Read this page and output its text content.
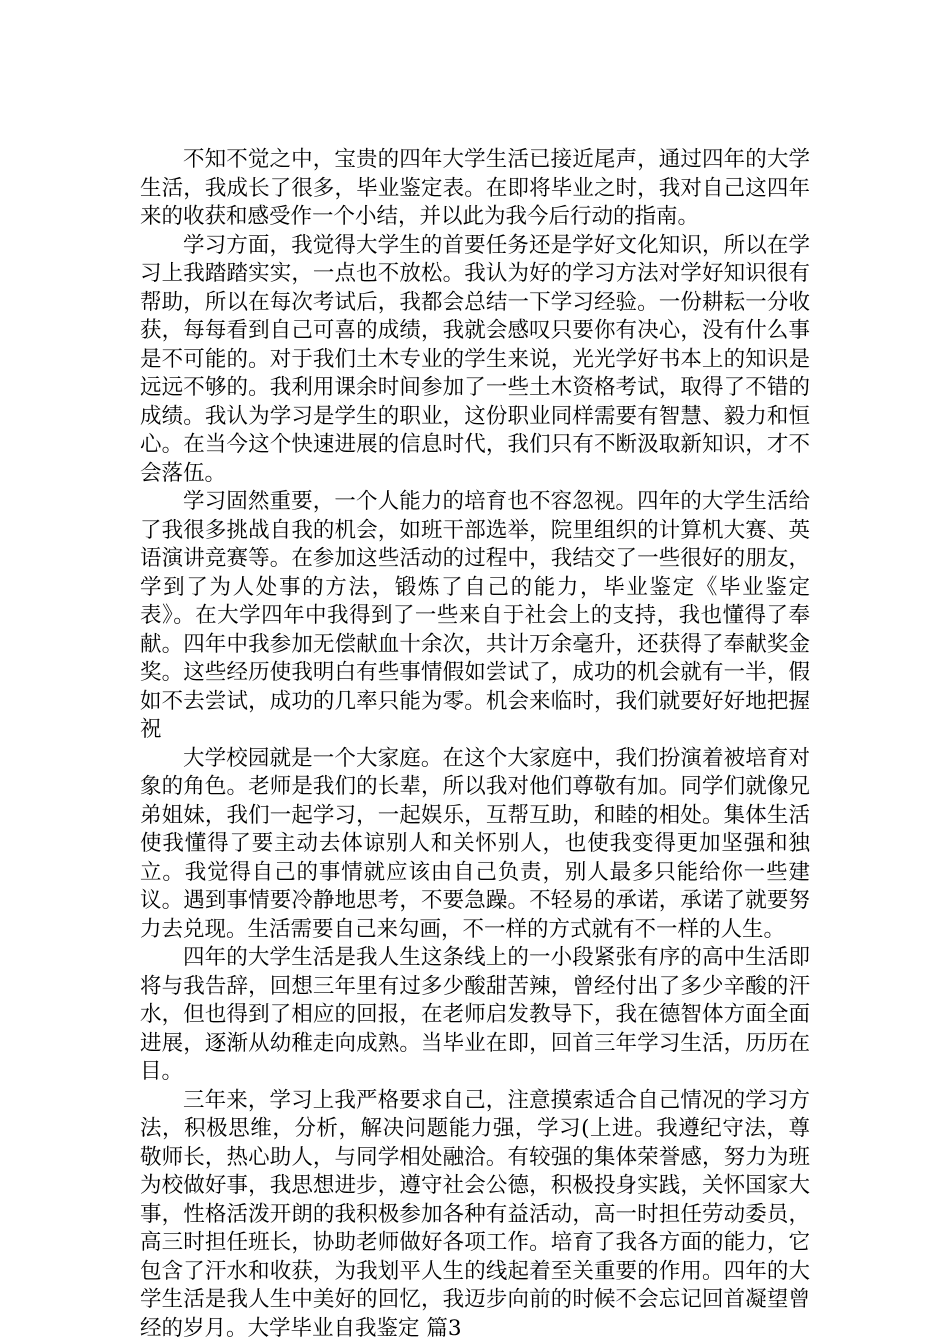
不知不觉之中，宝贵的四年大学生活已接近尾声，通过四年的大学生活，我成长了很多，毕业鉴定表。在即将毕业之时，我对自己这四年来的收获和感受作一个小结，并以此为我今后行动的指南。

学习方面，我觉得大学生的首要任务还是学好文化知识，所以在学习上我踏踏实实，一点也不放松。我认为好的学习方法对学好知识很有帮助，所以在每次考试后，我都会总结一下学习经验。一份耕耘一分收获，每每看到自己可喜的成绩，我就会感叹只要你有决心，没有什么事是不可能的。对于我们土木专业的学生来说，光光学好书本上的知识是远远不够的。我利用课余时间参加了一些土木资格考试，取得了不错的成绩。我认为学习是学生的职业，这份职业同样需要有智慧、毅力和恒心。在当今这个快速进展的信息时代，我们只有不断汲取新知识，才不会落伍。

学习固然重要，一个人能力的培育也不容忽视。四年的大学生活给了我很多挑战自我的机会，如班干部选举，院里组织的计算机大赛、英语演讲竞赛等。在参加这些活动的过程中，我结交了一些很好的朋友，学到了为人处事的方法，锻炼了自己的能力，毕业鉴定《毕业鉴定表》。在大学四年中我得到了一些来自于社会上的支持，我也懂得了奉献。四年中我参加无偿献血十余次，共计万余毫升，还获得了奉献奖金奖。这些经历使我明白有些事情假如尝试了，成功的机会就有一半，假如不去尝试，成功的几率只能为零。机会来临时，我们就要好好地把握祝

大学校园就是一个大家庭。在这个大家庭中，我们扮演着被培育对象的角色。老师是我们的长辈，所以我对他们尊敬有加。同学们就像兄弟姐妹，我们一起学习，一起娱乐，互帮互助，和睦的相处。集体生活使我懂得了要主动去体谅别人和关怀别人，也使我变得更加坚强和独立。我觉得自己的事情就应该由自己负责，别人最多只能给你一些建议。遇到事情要冷静地思考，不要急躁。不轻易的承诺，承诺了就要努力去兑现。生活需要自己来勾画，不一样的方式就有不一样的人生。

四年的大学生活是我人生这条线上的一小段紧张有序的高中生活即将与我告辞，回想三年里有过多少酸甜苦辣，曾经付出了多少辛酸的汗水，但也得到了相应的回报，在老师启发教导下，我在德智体方面全面进展，逐渐从幼稚走向成熟。当毕业在即，回首三年学习生活，历历在目。

三年来，学习上我严格要求自己，注意摸索适合自己情况的学习方法，积极思维，分析，解决问题能力强，学习(上进。我遵纪守法，尊敬师长，热心助人，与同学相处融洽。有较强的集体荣誉感，努力为班为校做好事，我思想进步，遵守社会公德，积极投身实践，关怀国家大事，性格活泼开朗的我积极参加各种有益活动，高一时担任劳动委员，高三时担任班长，协助老师做好各项工作。培育了我各方面的能力，它包含了汗水和收获，为我划平人生的线起着至关重要的作用。四年的大学生活是我人生中美好的回忆，我迈步向前的时候不会忘记回首凝望曾经的岁月。大学毕业自我鉴定 篇3
